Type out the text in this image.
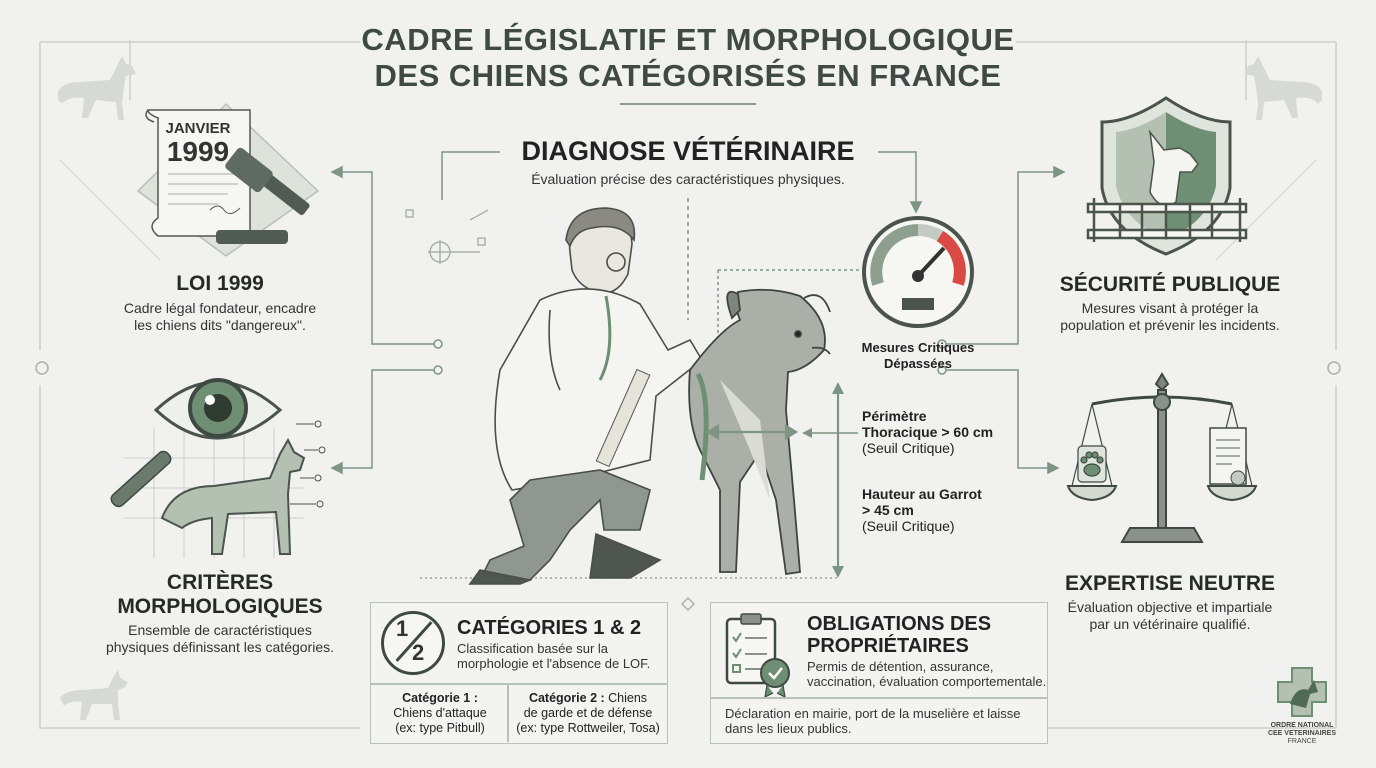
CADRE LÉGISLATIF ET MORPHOLOGIQUE
DES CHIENS CATÉGORISÉS EN FRANCE
JANVIER
1999
LOI 1999
Cadre légal fondateur, encadre
les chiens dits "dangereux".
CRITÈRES
MORPHOLOGIQUES
Ensemble de caractéristiques
physiques définissant les catégories.
DIAGNOSE VÉTÉRINAIRE
Évaluation précise des caractéristiques physiques.
Mesures Critiques
Dépassées
Périmètre
Thoracique > 60 cm
(Seuil Critique)
Hauteur au Garrot
> 45 cm
(Seuil Critique)
SÉCURITÉ PUBLIQUE
Mesures visant à protéger la
population et prévenir les incidents.
EXPERTISE NEUTRE
Évaluation objective et impartiale
par un vétérinaire qualifié.
1
2
CATÉGORIES 1 & 2
Classification basée sur la
morphologie et l'absence de LOF.
Catégorie 1 :
Chiens d'attaque
(ex: type Pitbull)
Catégorie 2 : Chiens
de garde et de défense
(ex: type Rottweiler, Tosa)
OBLIGATIONS DES
PROPRIÉTAIRES
Permis de détention, assurance,
vaccination, évaluation comportementale.
Déclaration en mairie, port de la muselière et laisse
dans les lieux publics.	ORDRE NATIONAL
CEE VETERINAIRES
FRANCE
